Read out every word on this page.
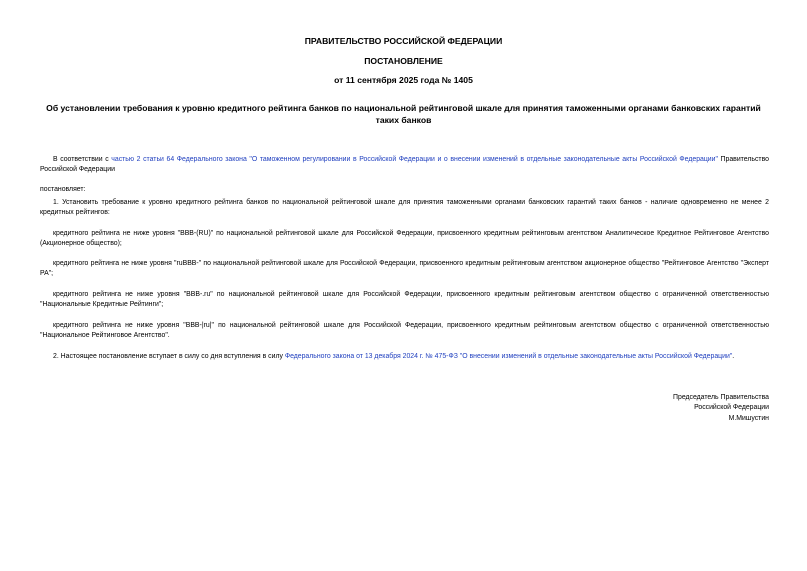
ПРАВИТЕЛЬСТВО РОССИЙСКОЙ ФЕДЕРАЦИИ
ПОСТАНОВЛЕНИЕ
от 11 сентября 2025 года № 1405
Об установлении требования к уровню кредитного рейтинга банков по национальной рейтинговой шкале для принятия таможенными органами банковских гарантий таких банков
В соответствии с частью 2 статьи 64 Федерального закона "О таможенном регулировании в Российской Федерации и о внесении изменений в отдельные законодательные акты Российской Федерации" Правительство Российской Федерации
постановляет:
1. Установить требование к уровню кредитного рейтинга банков по национальной рейтинговой шкале для принятия таможенными органами банковских гарантий таких банков - наличие одновременно не менее 2 кредитных рейтингов:
кредитного рейтинга не ниже уровня "BBB-(RU)" по национальной рейтинговой шкале для Российской Федерации, присвоенного кредитным рейтинговым агентством Аналитическое Кредитное Рейтинговое Агентство (Акционерное общество);
кредитного рейтинга не ниже уровня "ruBBB-" по национальной рейтинговой шкале для Российской Федерации, присвоенного кредитным рейтинговым агентством акционерное общество "Рейтинговое Агентство "Эксперт РА";
кредитного рейтинга не ниже уровня "BBB-.ru" по национальной рейтинговой шкале для Российской Федерации, присвоенного кредитным рейтинговым агентством общество с ограниченной ответственностью "Национальные Кредитные Рейтинги";
кредитного рейтинга не ниже уровня "BBB-|ru|" по национальной рейтинговой шкале для Российской Федерации, присвоенного кредитным рейтинговым агентством общество с ограниченной ответственностью "Национальное Рейтинговое Агентство".
2. Настоящее постановление вступает в силу со дня вступления в силу Федерального закона от 13 декабря 2024 г. № 475-ФЗ "О внесении изменений в отдельные законодательные акты Российской Федерации".
Председатель Правительства
Российской Федерации
М.Мишустин
